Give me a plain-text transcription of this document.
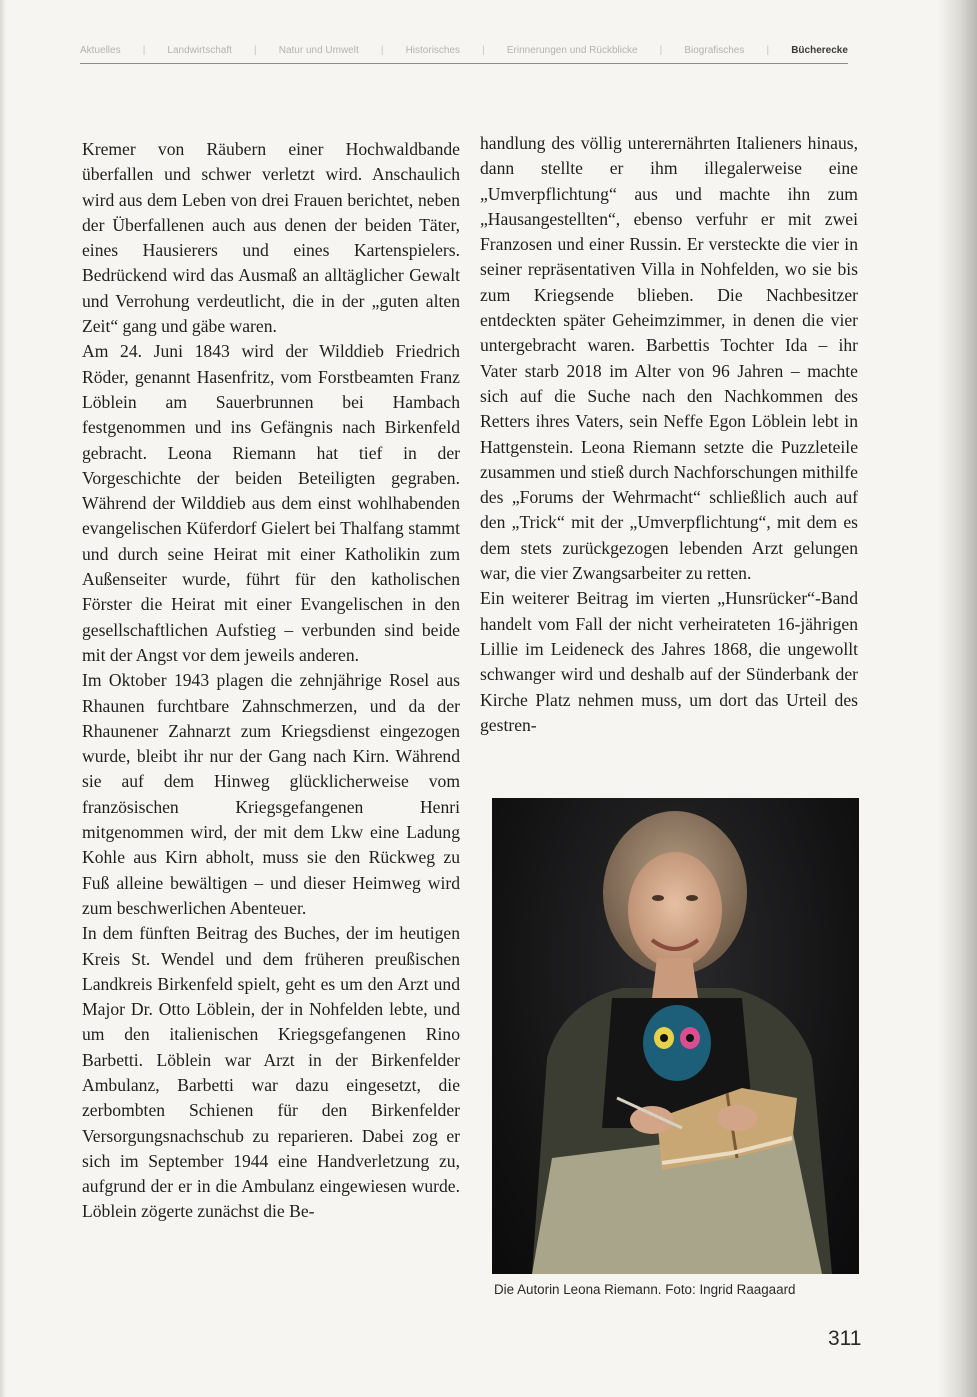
Aktuelles | Landwirtschaft | Natur und Umwelt | Historisches | Erinnerungen und Rückblicke | Biografisches | Bücherecke

Kremer von Räubern einer Hochwaldbande überfallen und schwer verletzt wird. Anschaulich wird aus dem Leben von drei Frauen berichtet, neben der Überfallenen auch aus denen der beiden Täter, eines Hausierers und eines Kartenspielers. Bedrückend wird das Ausmaß an alltäglicher Gewalt und Verrohung verdeutlicht, die in der „guten alten Zeit“ gang und gäbe waren.

Am 24. Juni 1843 wird der Wilddieb Friedrich Röder, genannt Hasenfritz, vom Forstbeamten Franz Löblein am Sauerbrunnen bei Hambach festgenommen und ins Gefängnis nach Birkenfeld gebracht. Leona Riemann hat tief in der Vorgeschichte der beiden Beteiligten gegraben. Während der Wilddieb aus dem einst wohlhabenden evangelischen Küferdorf Gielert bei Thalfang stammt und durch seine Heirat mit einer Katholikin zum Außenseiter wurde, führt für den katholischen Förster die Heirat mit einer Evangelischen in den gesellschaftlichen Aufstieg – verbunden sind beide mit der Angst vor dem jeweils anderen.

Im Oktober 1943 plagen die zehnjährige Rosel aus Rhaunen furchtbare Zahnschmerzen, und da der Rhaunener Zahnarzt zum Kriegsdienst eingezogen wurde, bleibt ihr nur der Gang nach Kirn. Während sie auf dem Hinweg glücklicherweise vom französischen Kriegsgefangenen Henri mitgenommen wird, der mit dem Lkw eine Ladung Kohle aus Kirn abholt, muss sie den Rückweg zu Fuß alleine bewältigen – und dieser Heimweg wird zum beschwerlichen Abenteuer.

In dem fünften Beitrag des Buches, der im heutigen Kreis St. Wendel und dem früheren preußischen Landkreis Birkenfeld spielt, geht es um den Arzt und Major Dr. Otto Löblein, der in Nohfelden lebte, und um den italienischen Kriegsgefangenen Rino Barbetti. Löblein war Arzt in der Birkenfelder Ambulanz, Barbetti war dazu eingesetzt, die zerbombten Schienen für den Birkenfelder Versorgungsnachschub zu reparieren. Dabei zog er sich im September 1944 eine Handverletzung zu, aufgrund der er in die Ambulanz eingewiesen wurde. Löblein zögerte zunächst die Be-

handlung des völlig unterernährten Italieners hinaus, dann stellte er ihm illegalerweise eine „Umverpflichtung“ aus und machte ihn zum „Hausangestellten“, ebenso verfuhr er mit zwei Franzosen und einer Russin. Er versteckte die vier in seiner repräsentativen Villa in Nohfelden, wo sie bis zum Kriegsende blieben. Die Nachbesitzer entdeckten später Geheimzimmer, in denen die vier untergebracht waren. Barbettis Tochter Ida – ihr Vater starb 2018 im Alter von 96 Jahren – machte sich auf die Suche nach den Nachkommen des Retters ihres Vaters, sein Neffe Egon Löblein lebt in Hattgenstein. Leona Riemann setzte die Puzzleteile zusammen und stieß durch Nachforschungen mithilfe des „Forums der Wehrmacht“ schließlich auch auf den „Trick“ mit der „Umverpflichtung“, mit dem es dem stets zurückgezogen lebenden Arzt gelungen war, die vier Zwangsarbeiter zu retten.

Ein weiterer Beitrag im vierten „Hunsrücker“-Band handelt vom Fall der nicht verheirateten 16-jährigen Lillie im Leideneck des Jahres 1868, die ungewollt schwanger wird und deshalb auf der Sünderbank der Kirche Platz nehmen muss, um dort das Urteil des gestren-

Die Autorin Leona Riemann. Foto: Ingrid Raagaard
311
